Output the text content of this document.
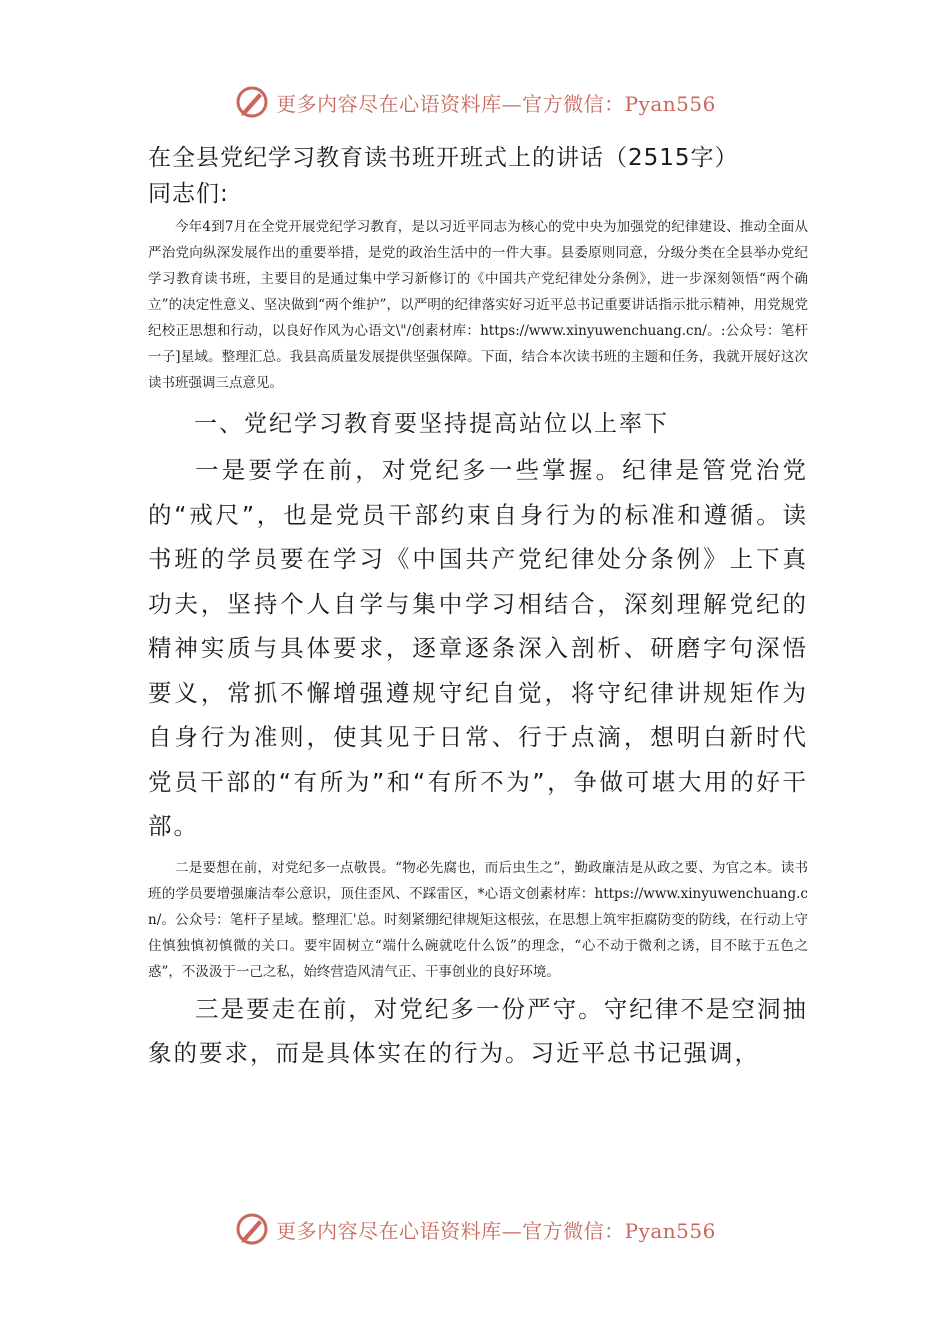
更多内容尽在心语资料库—官方微信：Pyan556
在全县党纪学习教育读书班开班式上的讲话（2515字）
同志们:

今年4到7月在全党开展党纪学习教育，是以习近平同志为核心的党中央为加强党的纪律建设、推动全面从严治党向纵深发展作出的重要举措，是党的政治生活中的一件大事。县委原则同意，分级分类在全县举办党纪学习教育读书班，主要目的是通过集中学习新修订的《中国共产党纪律处分条例》，进一步深刻领悟“两个确立”的决定性意义、坚决做到“两个维护”，以严明的纪律落实好习近平总书记重要讲话指示批示精神，用党规党纪校正思想和行动，以良好作风为心语文\"/创素材库：https://www.xinyuwenchuang.cn/。:公众号：笔杆一子]星域。整理汇总。我县高质量发展提供坚强保障。下面，结合本次读书班的主题和任务，我就开展好这次读书班强调三点意见。

一、党纪学习教育要坚持提高站位以上率下

一是要学在前，对党纪多一些掌握。纪律是管党治党的“戒尺”，也是党员干部约束自身行为的标准和遵循。读书班的学员要在学习《中国共产党纪律处分条例》上下真功夫，坚持个人自学与集中学习相结合，深刻理解党纪的精神实质与具体要求，逐章逐条深入剖析、研磨字句深悟要义，常抓不懈增强遵规守纪自觉，将守纪律讲规矩作为自身行为准则，使其见于日常、行于点滴，想明白新时代党员干部的“有所为”和“有所不为”，争做可堪大用的好干部。

二是要想在前，对党纪多一点敬畏。“物必先腐也，而后虫生之”，勤政廉洁是从政之要、为官之本。读书班的学员要增强廉洁奉公意识，顶住歪风、不踩雷区，*心语文创素材库：https://www.xinyuwenchuang.cn/。公众号：笔杆子星域。整理汇'总。时刻紧绷纪律规矩这根弦，在思想上筑牢拒腐防变的防线，在行动上守住慎独慎初慎微的关口。要牢固树立“端什么碗就吃什么饭”的理念，“心不动于微利之诱，目不眩于五色之惑”，不汲汲于一己之私，始终营造风清气正、干事创业的良好环境。

三是要走在前，对党纪多一份严守。守纪律不是空洞抽象的要求，而是具体实在的行为。习近平总书记强调，

更多内容尽在心语资料库—官方微信：Pyan556
